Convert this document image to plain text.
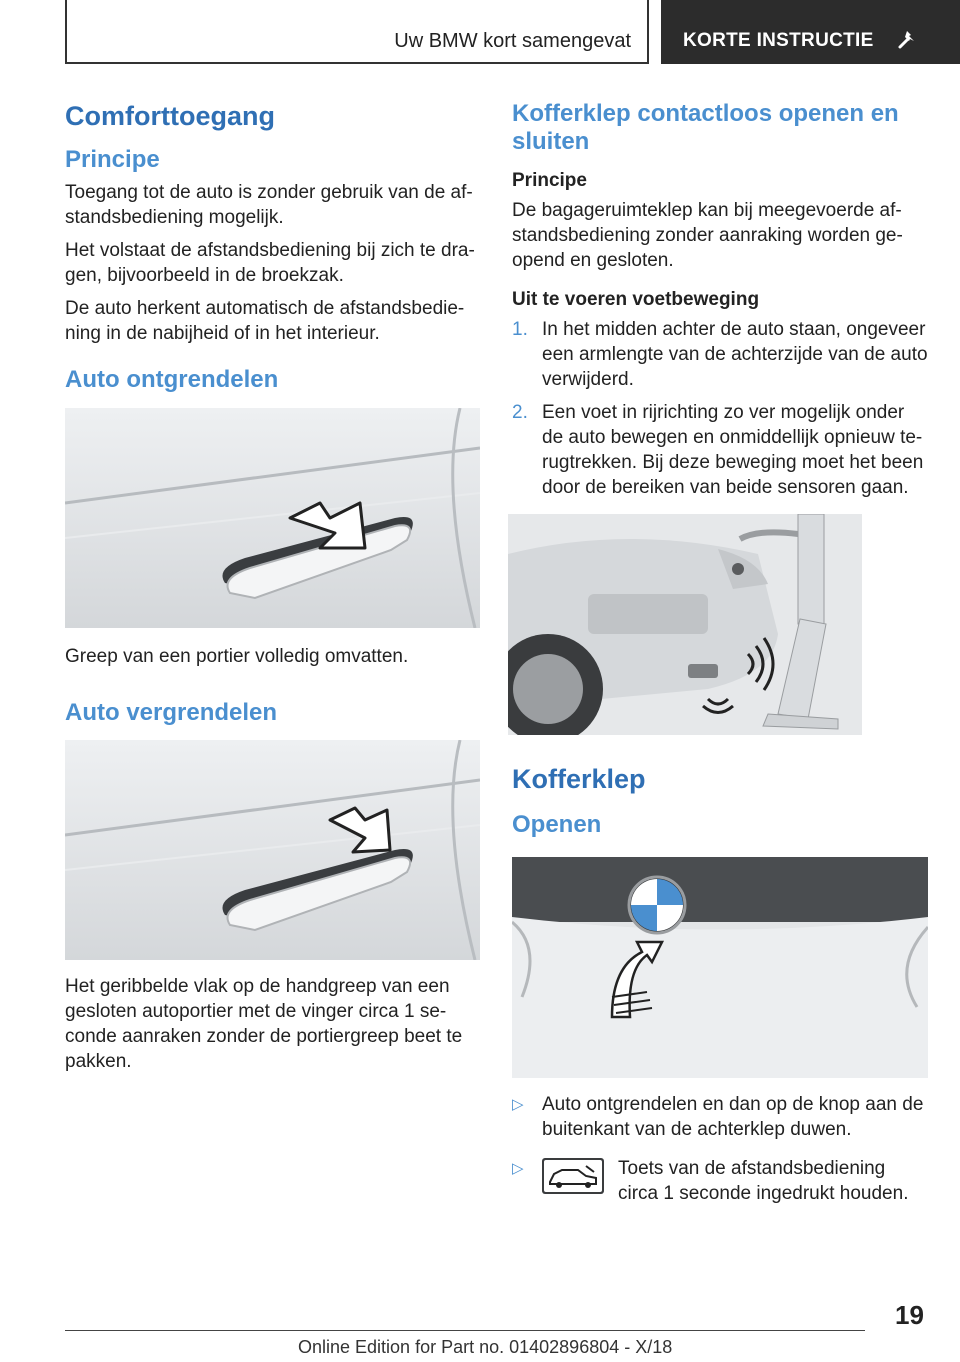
Uw BMW kort samengevat	KORTE INSTRUCTIE
Comforttoegang
Principe

Toegang tot de auto is zonder gebruik van de af-standsbediening mogelijk.

Het volstaat de afstandsbediening bij zich te dra-gen, bijvoorbeeld in de broekzak.

De auto herkent automatisch de afstandsbedie-ning in de nabijheid of in het interieur.

Auto ontgrendelen

Greep van een portier volledig omvatten.

Auto vergrendelen

Het geribbelde vlak op de handgreep van een gesloten autoportier met de vinger circa 1 se-conde aanraken zonder de portiergreep beet te pakken.

Kofferklep contactloos openen en sluiten
Principe

De bagageruimteklep kan bij meegevoerde af-standsbediening zonder aanraking worden ge-opend en gesloten.

Uit te voeren voetbeweging
1. In het midden achter de auto staan, ongeveer een armlengte van de achterzijde van de auto verwijderd.
2. Een voet in rijrichting zo ver mogelijk onder de auto bewegen en onmiddellijk opnieuw te-rugtrekken. Bij deze beweging moet het been door de bereiken van beide sensoren gaan.
Kofferklep
Openen
▷ Auto ontgrendelen en dan op de knop aan de buitenkant van de achterklep duwen.
▷	Toets van de afstandsbediening circa 1 seconde ingedrukt houden.
19
Online Edition for Part no. 01402896804 - X/18
